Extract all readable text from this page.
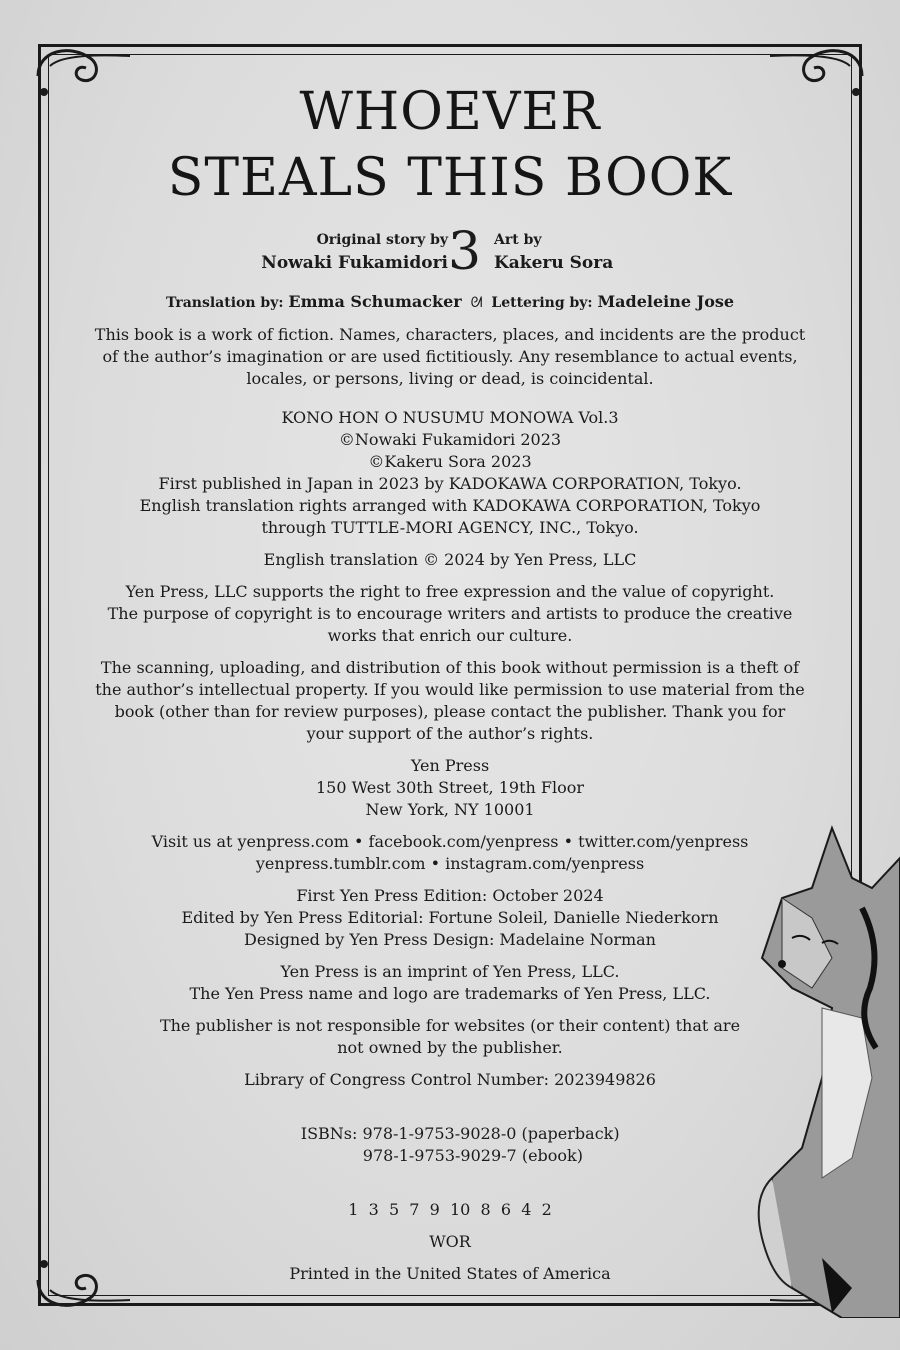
WHOEVER
STEALS THIS BOOK
Original story by
Nowaki Fukamidori 3 Art by
Kakeru Sora
Translation by: Emma Schumacker ᘛ Lettering by: Madeleine Jose

This book is a work of fiction. Names, characters, places, and incidents are the product
of the author’s imagination or are used fictitiously. Any resemblance to actual events,
locales, or persons, living or dead, is coincidental.

KONO HON O NUSUMU MONOWA Vol.3
©Nowaki Fukamidori 2023
©Kakeru Sora 2023
First published in Japan in 2023 by KADOKAWA CORPORATION, Tokyo.
English translation rights arranged with KADOKAWA CORPORATION, Tokyo
through TUTTLE-MORI AGENCY, INC., Tokyo.

English translation © 2024 by Yen Press, LLC

Yen Press, LLC supports the right to free expression and the value of copyright.
The purpose of copyright is to encourage writers and artists to produce the creative
works that enrich our culture.

The scanning, uploading, and distribution of this book without permission is a theft of
the author’s intellectual property. If you would like permission to use material from the
book (other than for review purposes), please contact the publisher. Thank you for
your support of the author’s rights.

Yen Press
150 West 30th Street, 19th Floor
New York, NY 10001

Visit us at yenpress.com • facebook.com/yenpress • twitter.com/yenpress
yenpress.tumblr.com • instagram.com/yenpress

First Yen Press Edition: October 2024
Edited by Yen Press Editorial: Fortune Soleil, Danielle Niederkorn
Designed by Yen Press Design: Madelaine Norman

Yen Press is an imprint of Yen Press, LLC.
The Yen Press name and logo are trademarks of Yen Press, LLC.

The publisher is not responsible for websites (or their content) that are
not owned by the publisher.

Library of Congress Control Number: 2023949826

ISBNs: 978-1-9753-9028-0 (paperback)
978-1-9753-9029-7 (ebook)

1  3  5  7  9  10  8  6  4  2

WOR

Printed in the United States of America
